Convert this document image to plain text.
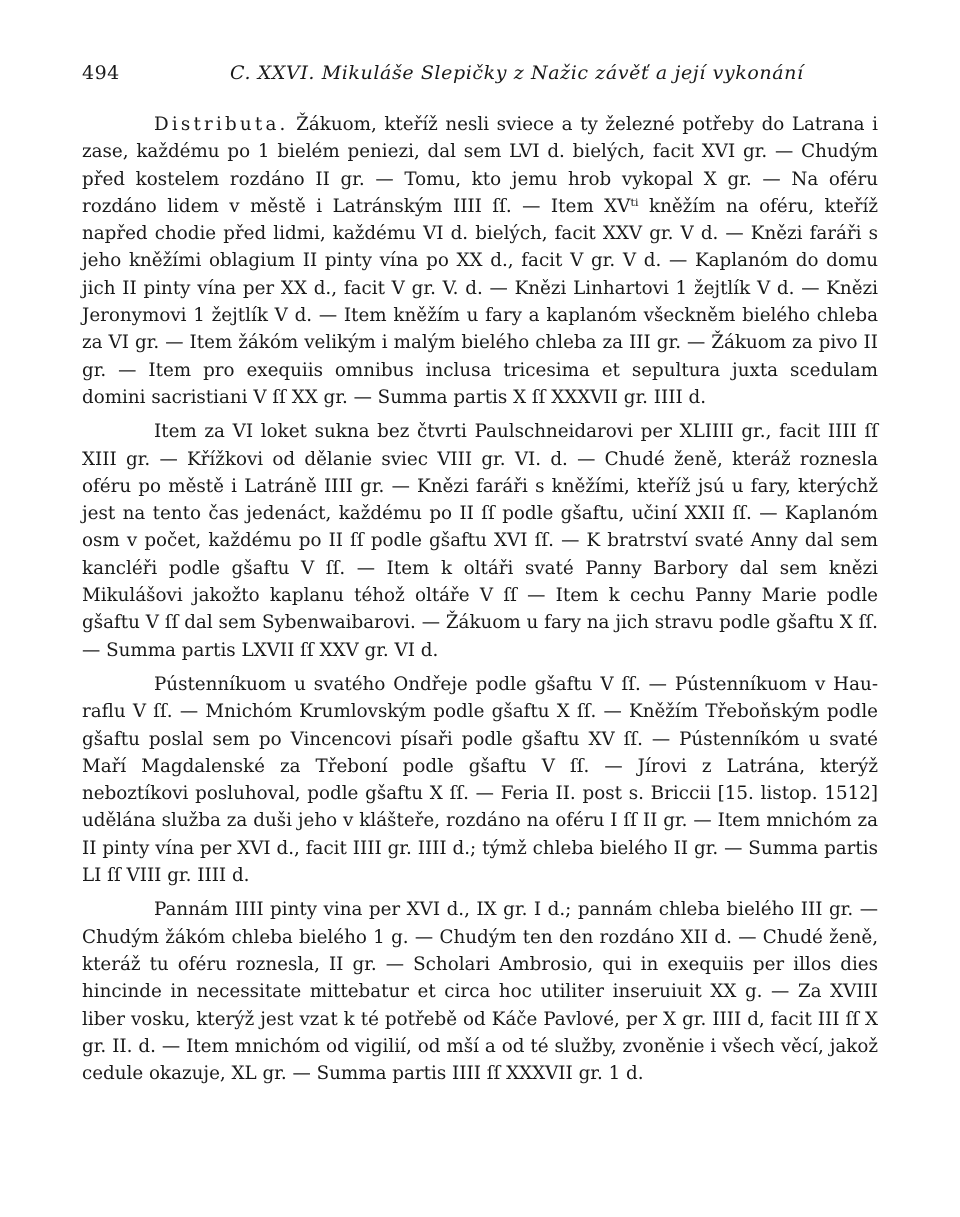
494	C. XXVI. Mikuláše Slepičky z Nažic závěť a její vykonání

Distributa. Žákuom, kteříž nesli sviece a ty železné potřeby do Latrana i zase, každému po 1 bielém peniezi, dal sem LVI d. bielých, facit XVI gr. — Chudým před kostelem rozdáno II gr. — Tomu, kto jemu hrob vykopal X gr. — Na oféru rozdáno lidem v městě i Latránským IIII ſſ. — Item XVᵗⁱ kněžím na oféru, kteříž napřed chodie před lidmi, každému VI d. bielých, facit XXV gr. V d. — Knězi faráři s jeho kněžími oblagium II pinty vína po XX d., facit V gr. V d. — Kaplanóm do domu jich II pinty vína per XX d., facit V gr. V. d. — Knězi Linhartovi 1 žejtlík V d. — Knězi Jeronymovi 1 žejtlík V d. — Item kněžím u fary a kaplanóm všeckněm bieléһо chleba za VI gr. — Item žákóm velikým i malým bieléһо chleba za III gr. — Žákuom za pivo II gr. — Item pro exequiis omnibus inclusa tricesima et sepultura juxta scedulam domini sacristiani V ſſ XX gr. — Summa partis X ſſ XXXVII gr. IIII d.

Item za VI loket sukna bez čtvrti Paulschneidarovi per XLIIII gr., facit IIII ſſ XIII gr. — Křížkovi od dělanie sviec VIII gr. VI. d. — Chudé ženě, kteráž roznesla oféru po městě i Latráně IIII gr. — Knězi faráři s kněžími, kteříž jsú u fary, kterýchž jest na tento čas jedenáct, každému po II ſſ podle gšaftu, učiní XXII ſſ. — Kaplanóm osm v počet, každému po II ſſ podle gšaftu XVI ſſ. — K bratrství svaté Anny dal sem kancléři podle gšaftu V ſſ. — Item k oltáři svaté Panny Barbory dal sem knězi Mikulášovi jakožto kaplanu téhož oltáře V ſſ — Item k cechu Panny Marie podle gšaftu V ſſ dal sem Sybenwaibarovi. — Žákuom u fary na jich stravu podle gšaftu X ſſ. — Summa partis LXVII ſſ XXV gr. VI d.

Pústenníkuom u svatého Ondřeje podle gšaftu V ſſ. — Pústenníkuom v Hauraflu V ſſ. — Mnichóm Krumlovským podle gšaftu X ſſ. — Kněžím Třeboňským podle gšaftu poslal sem po Vincencovi písaři podle gšaftu XV ſſ. — Pústenníkóm u svaté Maří Magdalenské za Třeboní podle gšaftu V ſſ. — Jírovi z Latrána, kterýž neboztíkovi posluhoval, podle gšaftu X ſſ. — Feria II. post s. Briccii [15. listop. 1512] udělána služba za duši jeho v klášteře, rozdáno na oféru I ſſ II gr. — Item mnichóm za II pinty vína per XVI d., facit IIII gr. IIII d.; týmž chleba bieléһо II gr. — Summa partis LI ſſ VIII gr. IIII d.

Pannám IIII pinty vina per XVI d., IX gr. I d.; pannám chleba bieléһо III gr. — Chudým žákóm chleba bieléһо 1 g. — Chudým ten den rozdáno XII d. — Chudé ženě, kteráž tu oféru roznesla, II gr. — Scholari Ambrosio, qui in exequiis per illos dies hincinde in necessitate mittebatur et circa hoc utiliter inseruiuit XX g. — Za XVIII liber vosku, kterýž jest vzat k té potřebě od Káče Pavlové, per X gr. IIII d, facit III ſſ X gr. II. d. — Item mnichóm od vigilií, od mší a od té služby, zvoněnie i všech věcí, jakož cedule okazuje, XL gr. — Summa partis IIII ſſ XXXVII gr. 1 d.
